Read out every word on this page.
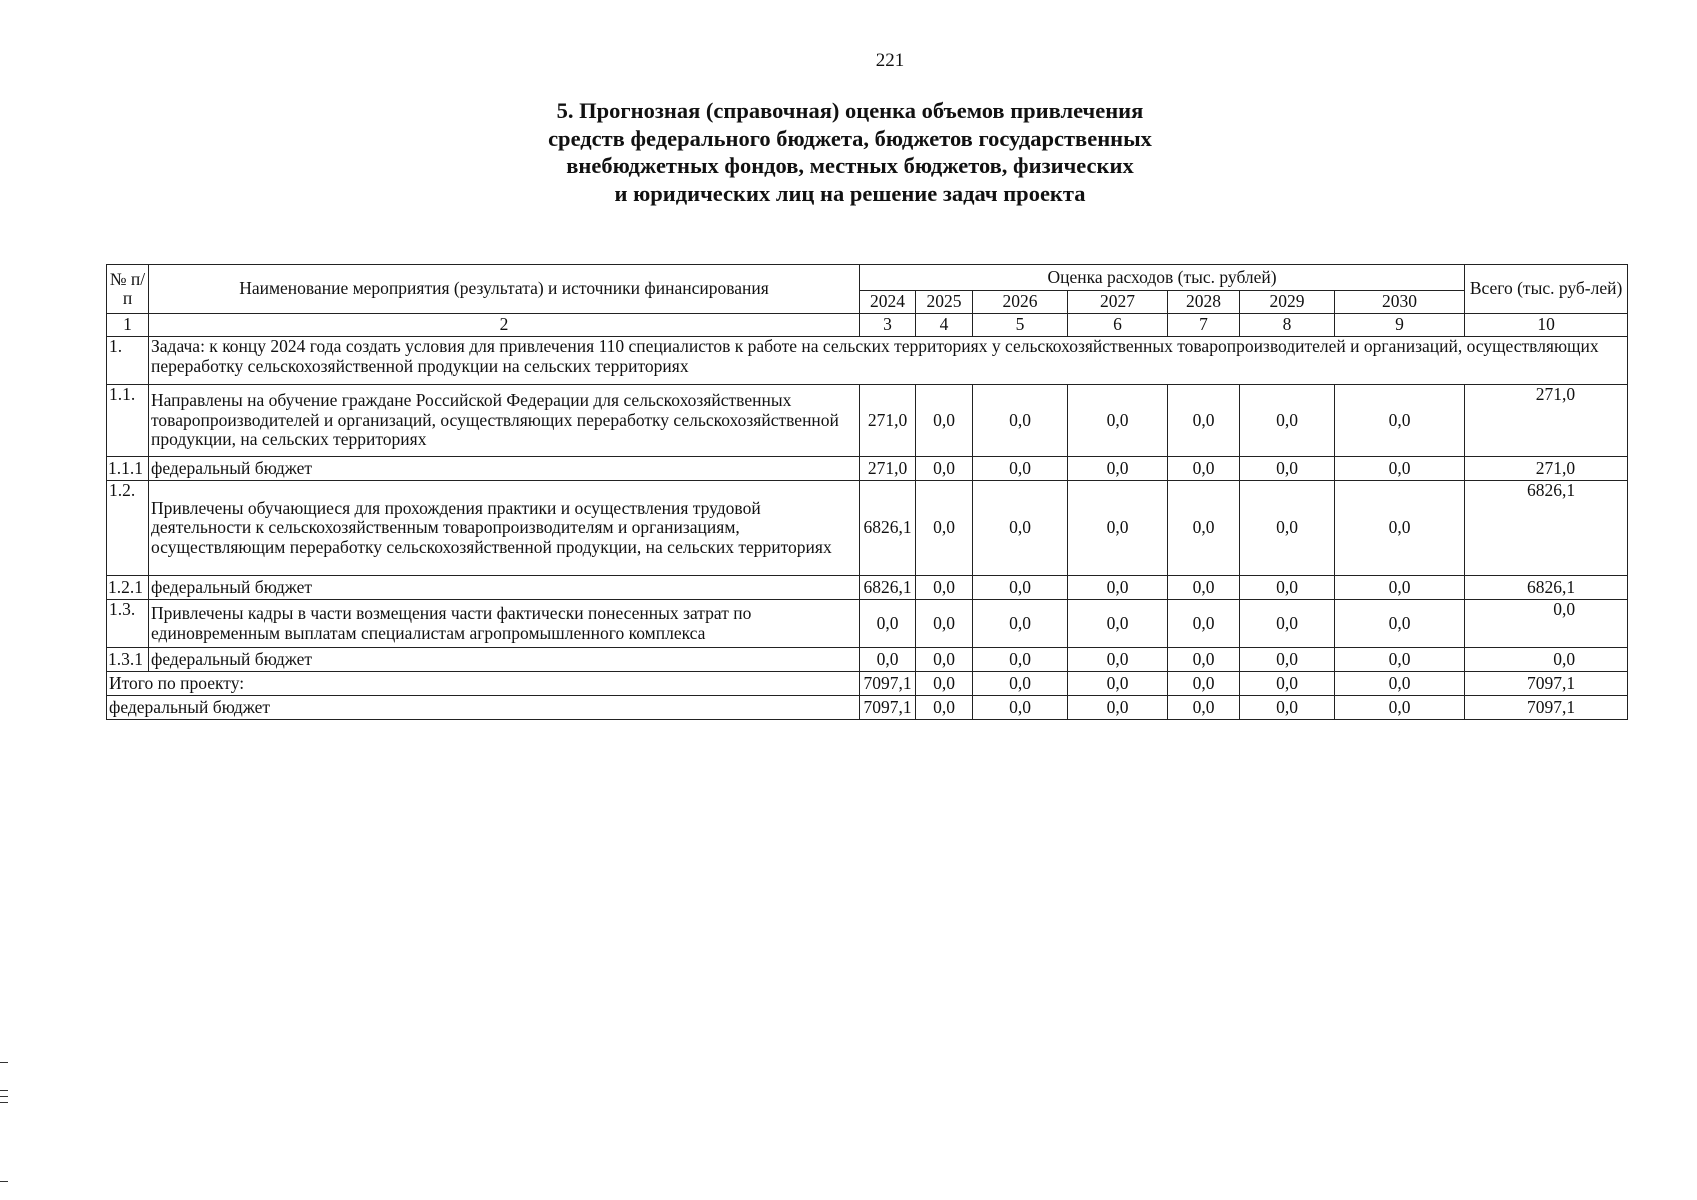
221
5. Прогнозная (справочная) оценка объемов привлечения
средств федерального бюджета, бюджетов государственных
внебюджетных фондов, местных бюджетов, физических
и юридических лиц на решение задач проекта
№ п/п	Наименование мероприятия (результата) и источники финансирования	Оценка расходов (тыс. рублей)							Всего (тыс. руб-лей)
		2024	2025	2026	2027	2028	2029	2030	
1	2	3	4	5	6	7	8	9	10
1.	Задача: к концу 2024 года создать условия для привлечения 110 специалистов к работе на сельских территориях у сельскохозяйственных товаропроизводителей и организаций, осуществляющих переработку сельскохозяйственной продукции на сельских территориях								
1.1.	Направлены на обучение граждане Российской Федерации для сельскохозяйственных товаропроизводителей и организаций, осуществляющих переработку сельскохозяйственной продукции, на сельских территориях	271,0	0,0	0,0	0,0	0,0	0,0	0,0	271,0
1.1.1	федеральный бюджет	271,0	0,0	0,0	0,0	0,0	0,0	0,0	271,0
1.2.	Привлечены обучающиеся для прохождения практики и осуществления трудовой деятельности к сельскохозяйственным товаропроизводителям и организациям, осуществляющим переработку сельскохозяйственной продукции, на сельских территориях	6826,1	0,0	0,0	0,0	0,0	0,0	0,0	6826,1
1.2.1	федеральный бюджет	6826,1	0,0	0,0	0,0	0,0	0,0	0,0	6826,1
1.3.	Привлечены кадры в части возмещения части фактически понесенных затрат по единовременным выплатам специалистам агропромышленного комплекса	0,0	0,0	0,0	0,0	0,0	0,0	0,0	0,0
1.3.1	федеральный бюджет	0,0	0,0	0,0	0,0	0,0	0,0	0,0	0,0
Итого по проекту:		7097,1	0,0	0,0	0,0	0,0	0,0	0,0	7097,1
федеральный бюджет		7097,1	0,0	0,0	0,0	0,0	0,0	0,0	7097,1
